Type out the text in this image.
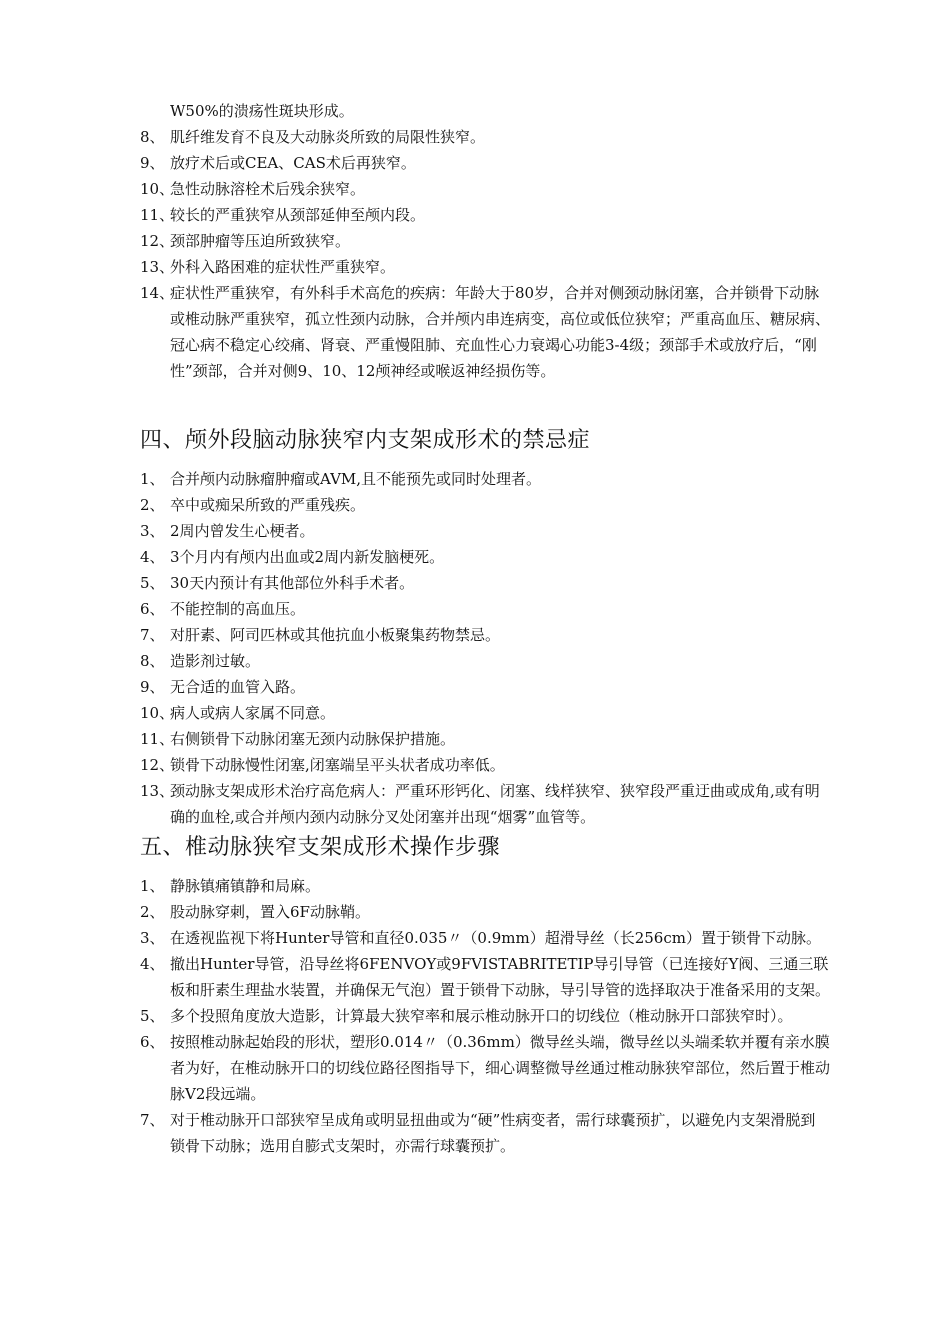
W50%的溃疡性斑块形成。
8、 肌纤维发育不良及大动脉炎所致的局限性狭窄。
9、 放疗术后或CEA、CAS术后再狭窄。
10、
急性动脉溶栓术后残余狭窄。
11、
较长的严重狭窄从颈部延伸至颅内段。
12、
颈部肿瘤等压迫所致狭窄。
13、
外科入路困难的症状性严重狭窄。
14、
症状性严重狭窄，有外科手术高危的疾病：年龄大于80岁，合并对侧颈动脉闭塞，合并锁骨下动脉或椎动脉严重狭窄，孤立性颈内动脉，合并颅内串连病变，高位或低位狭窄；严重高血压、糖尿病、冠心病不稳定心绞痛、肾衰、严重慢阻肺、充血性心力衰竭心功能3-4级；颈部手术或放疗后，“刚性”颈部，合并对侧9、10、12颅神经或喉返神经损伤等。
四、颅外段脑动脉狭窄内支架成形术的禁忌症
1、 合并颅内动脉瘤肿瘤或AVM,且不能预先或同时处理者。
2、 卒中或痴呆所致的严重残疾。
3、 2周内曾发生心梗者。
4、 3个月内有颅内出血或2周内新发脑梗死。
5、 30天内预计有其他部位外科手术者。
6、 不能控制的高血压。
7、 对肝素、阿司匹林或其他抗血小板聚集药物禁忌。
8、 造影剂过敏。
9、 无合适的血管入路。
10、
病人或病人家属不同意。
11、
右侧锁骨下动脉闭塞无颈内动脉保护措施。
12、
锁骨下动脉慢性闭塞,闭塞端呈平头状者成功率低。
13、
颈动脉支架成形术治疗高危病人：严重环形钙化、闭塞、线样狭窄、狭窄段严重迂曲或成角,或有明确的血栓,或合并颅内颈内动脉分叉处闭塞并出现“烟雾”血管等。
五、椎动脉狭窄支架成形术操作步骤
1、 静脉镇痛镇静和局麻。
2、 股动脉穿刺，置入6F动脉鞘。
3、 在透视监视下将Hunter导管和直径0.035〃（0.9mm）超滑导丝（长256cm）置于锁骨下动脉。
4、 撤出Hunter导管，沿导丝将6FENVOY或9FVISTABRITETIP导引导管（已连接好Y阀、三通三联板和肝素生理盐水装置，并确保无气泡）置于锁骨下动脉，导引导管的选择取决于准备采用的支架。
5、 多个投照角度放大造影，计算最大狭窄率和展示椎动脉开口的切线位（椎动脉开口部狭窄时）。
6、 按照椎动脉起始段的形状，塑形0.014〃（0.36mm）微导丝头端，微导丝以头端柔软并覆有亲水膜者为好，在椎动脉开口的切线位路径图指导下，细心调整微导丝通过椎动脉狭窄部位，然后置于椎动脉V2段远端。
7、 对于椎动脉开口部狭窄呈成角或明显扭曲或为“硬”性病变者，需行球囊预扩，以避免内支架滑脱到锁骨下动脉；选用自膨式支架时，亦需行球囊预扩。
